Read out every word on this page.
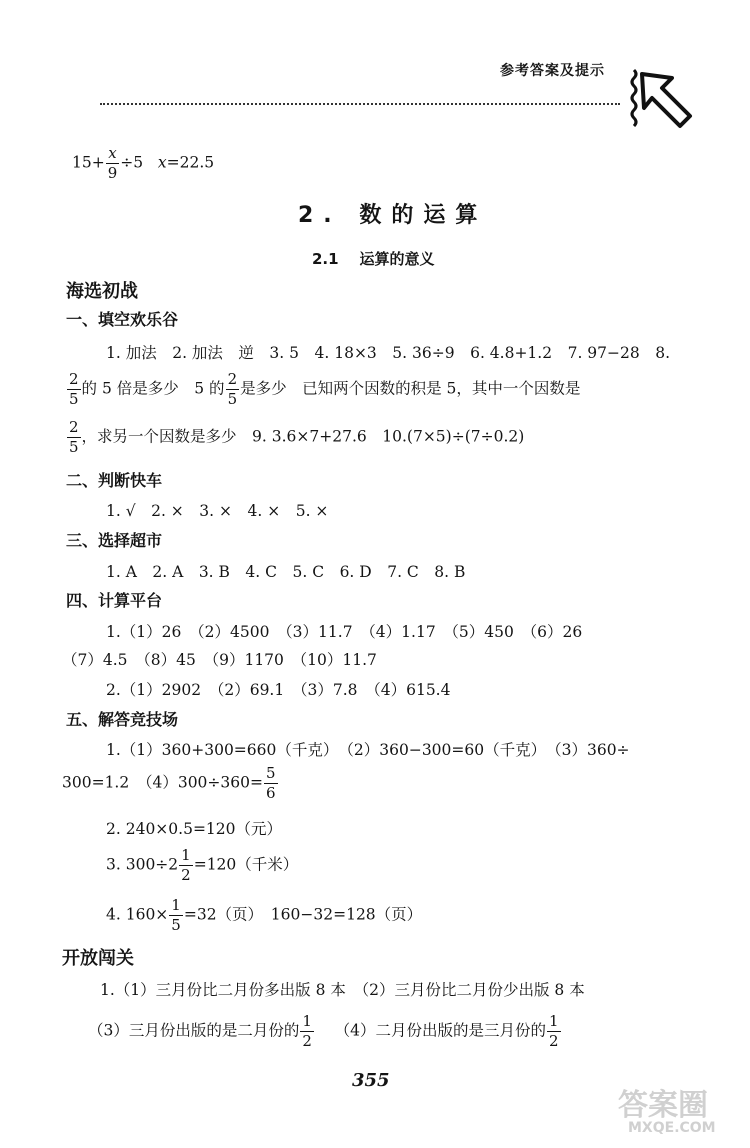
参考答案及提示
$15+ \frac{x}{9} \div 5$ x=22.5
2. 数的运算
2.1 运算的意义
海选初战
一、填空欢乐谷
1. 加法　2. 加法　逆　3. 5　4. 18×3　5. 36÷9　6. 4.8+1.2　7. 97−28　8.
$\frac{2}{5}$ 的 5 倍是多少　5 的 $\frac{2}{5}$ 是多少　已知两个因数的积是 5，其中一个因数是
$\frac{2}{5}$ ，求另一个因数是多少　9. 3.6×7+27.6　10.(7×5)÷(7÷0.2)
二、判断快车
1. √　2. ×　3. ×　4. ×　5. ×
三、选择超市
1. A　2. A　3. B　4. C　5. C　6. D　7. C　8. B
四、计算平台
1.（1）26　（2）4500　（3）11.7　（4）1.17　（5）450　（6）26
（7）4.5　（8）45　（9）1170　（10）11.7
2.（1）2902　（2）69.1　（3）7.8　（4）615.4
五、解答竞技场
1.（1）360+300=660（千克）　（2）360−300=60（千克）　（3）360÷
300=1.2　$(4)300\div 360= \frac{5}{6}$
2. 240×0.5=120（元）
3. $300\div 2 \frac{1}{2} =120$（千米）
4. $160\times \frac{1}{5} =32$（页）　160−32=128（页）
开放闯关
1.（1）三月份比二月份多出版 8 本　（2）三月份比二月份少出版 8 本
（3）三月份出版的是二月份的 $\frac{1}{2} (4)$二月份出版的是三月份的 $\frac{1}{2}$
355
答案圈
MXQE.COM
